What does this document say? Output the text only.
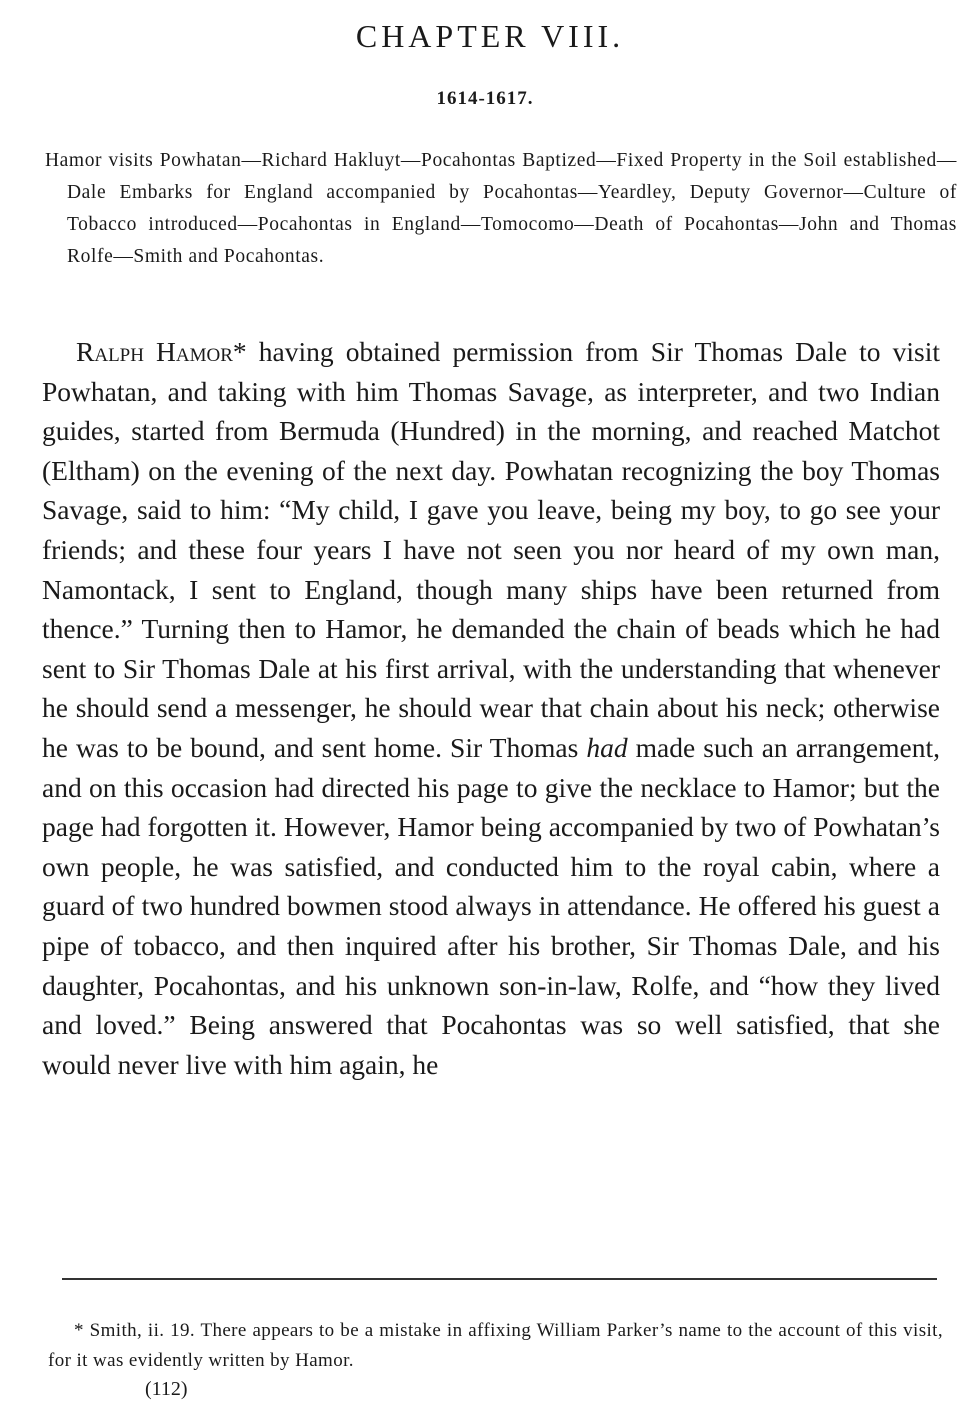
CHAPTER VIII.
1614-1617.
Hamor visits Powhatan—Richard Hakluyt—Pocahontas Baptized—Fixed Property in the Soil established—Dale Embarks for England accompanied by Pocahontas—Yeardley, Deputy Governor—Culture of Tobacco introduced—Pocahontas in England—Tomocomo—Death of Pocahontas—John and Thomas Rolfe—Smith and Pocahontas.

Ralph Hamor* having obtained permission from Sir Thomas Dale to visit Powhatan, and taking with him Thomas Savage, as interpreter, and two Indian guides, started from Bermuda (Hundred) in the morning, and reached Matchot (Eltham) on the evening of the next day. Powhatan recognizing the boy Thomas Savage, said to him: “My child, I gave you leave, being my boy, to go see your friends; and these four years I have not seen you nor heard of my own man, Namontack, I sent to England, though many ships have been returned from thence.” Turning then to Hamor, he demanded the chain of beads which he had sent to Sir Thomas Dale at his first arrival, with the understanding that whenever he should send a messenger, he should wear that chain about his neck; otherwise he was to be bound, and sent home. Sir Thomas had made such an arrangement, and on this occasion had directed his page to give the necklace to Hamor; but the page had forgotten it. However, Hamor being accompanied by two of Powhatan’s own people, he was satisfied, and conducted him to the royal cabin, where a guard of two hundred bowmen stood always in attendance. He offered his guest a pipe of tobacco, and then inquired after his brother, Sir Thomas Dale, and his daughter, Pocahontas, and his unknown son-in-law, Rolfe, and “how they lived and loved.” Being answered that Pocahontas was so well satisfied, that she would never live with him again, he

* Smith, ii. 19. There appears to be a mistake in affixing William Parker’s name to the account of this visit, for it was evidently written by Hamor.

(112)
